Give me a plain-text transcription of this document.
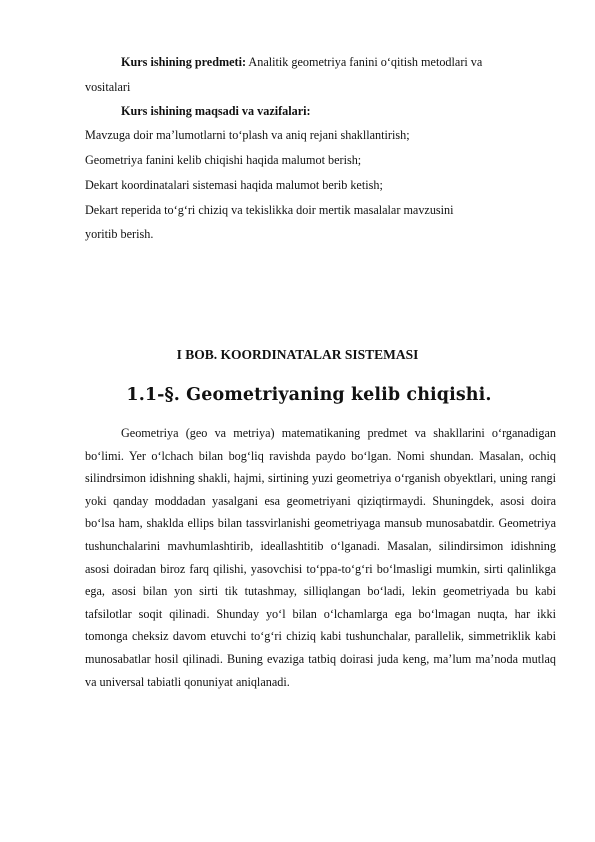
Kurs ishining predmeti: Analitik geometriya fanini o‘qitish metodlari va
vositalari
Kurs ishining maqsadi va vazifalari:
Mavzuga doir ma’lumotlarni to‘plash va aniq rejani shakllantirish;
Geometriya fanini kelib chiqishi haqida malumot berish;
Dekart koordinatalari sistemasi haqida malumot berib ketish;
Dekart reperida to‘g‘ri chiziq va tekislikka doir mertik masalalar mavzusini
yoritib berish.
I BOB. KOORDINATALAR SISTEMASI
1.1-§. Geometriyaning kelib chiqishi.
Geometriya (geo va metriya) matematikaning predmet va shakllarini o‘rganadigan bo‘limi. Yer o‘lchach bilan bog‘liq ravishda paydo bo‘lgan. Nomi shundan. Masalan, ochiq silindrsimon idishning shakli, hajmi, sirtining yuzi geometriya o‘rganish obyektlari, uning rangi yoki qanday moddadan yasalgani esa geometriyani qiziqtirmaydi. Shuningdek, asosi doira bo‘lsa ham, shaklda ellips bilan tassvirlanishi geometriyaga mansub munosabatdir. Geometriya tushunchalarini mavhumlashtirib, ideallashtitib o‘lganadi. Masalan, silindirsimon idishning asosi doiradan biroz farq qilishi, yasovchisi to‘ppa-to‘g‘ri bo‘lmasligi mumkin, sirti qalinlikga ega, asosi bilan yon sirti tik tutashmay, silliqlangan bo‘ladi, lekin geometriyada bu kabi tafsilotlar soqit qilinadi. Shunday yo‘l bilan o‘lchamlarga ega bo‘lmagan nuqta, har ikki tomonga cheksiz davom etuvchi to‘g‘ri chiziq kabi tushunchalar, parallelik, simmetriklik kabi munosabatlar hosil qilinadi. Buning evaziga tatbiq doirasi juda keng, ma’lum ma’noda mutlaq va universal tabiatli qonuniyat aniqlanadi.
